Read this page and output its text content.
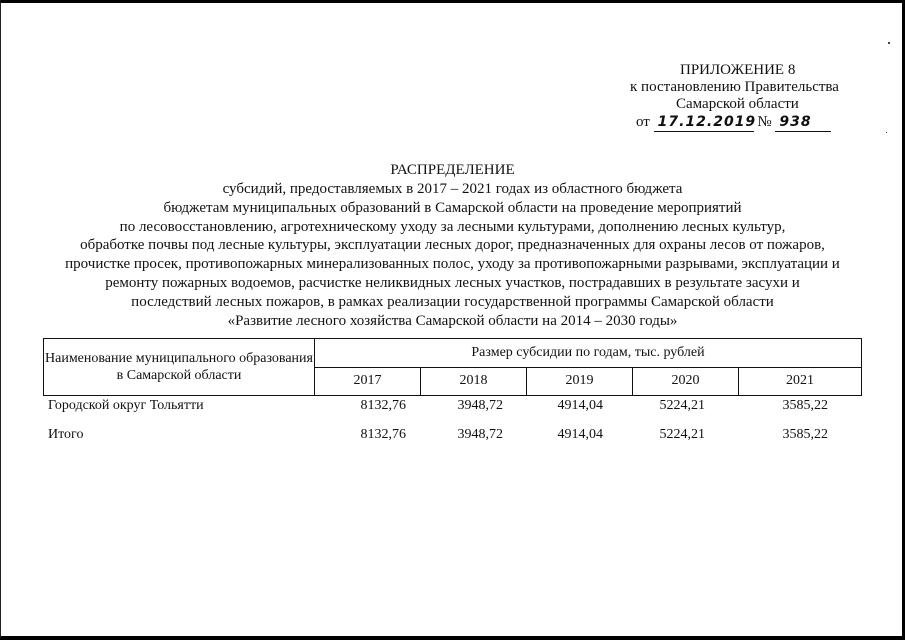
ПРИЛОЖЕНИЕ 8
к постановлению Правительства
Самарской области
от 17.12.2019 № 938
РАСПРЕДЕЛЕНИЕ
субсидий, предоставляемых в 2017 – 2021 годах из областного бюджета
бюджетам муниципальных образований в Самарской области на проведение мероприятий
по лесовосстановлению, агротехническому уходу за лесными культурами, дополнению лесных культур,
обработке почвы под лесные культуры, эксплуатации лесных дорог, предназначенных для охраны лесов от пожаров,
прочистке просек, противопожарных минерализованных полос, уходу за противопожарными разрывами, эксплуатации и
ремонту пожарных водоемов, расчистке неликвидных лесных участков, пострадавших в результате засухи и
последствий лесных пожаров, в рамках реализации государственной программы Самарской области
«Развитие лесного хозяйства Самарской области на 2014 – 2030 годы»
Наименование муниципального образования в Самарской области	Размер субсидии по годам, тыс. рублей				
	2017	2018	2019	2020	2021
Городской округ Тольятти	8132,76	3948,72	4914,04	5224,21	3585,22
Итого	8132,76	3948,72	4914,04	5224,21	3585,22
